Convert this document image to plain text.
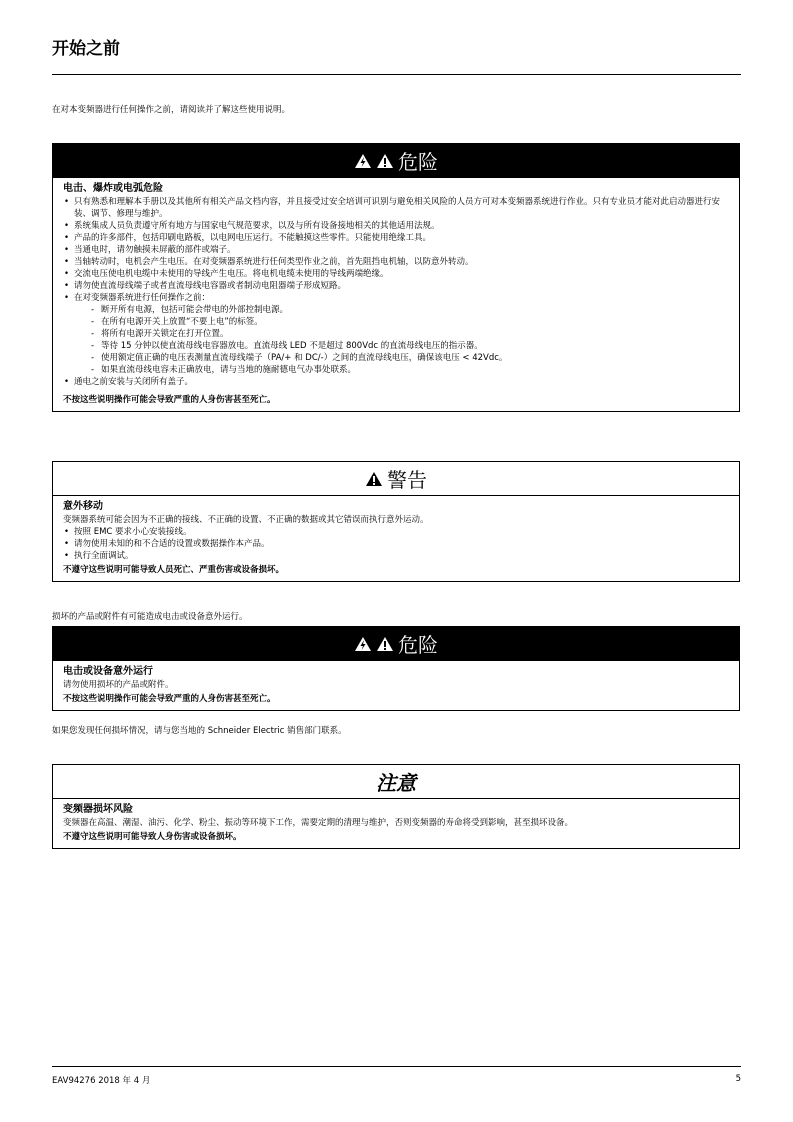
开始之前

在对本变频器进行任何操作之前，请阅读并了解这些使用说明。

危险

电击、爆炸或电弧危险

• 只有熟悉和理解本手册以及其他所有相关产品文档内容，并且接受过安全培训可识别与避免相关风险的人员方可对本变频器系统进行作业。只有专业员才能对此启动器进行安装、调节、修理与维护。
• 系统集成人员负责遵守所有地方与国家电气规范要求，以及与所有设备接地相关的其他适用法规。
• 产品的许多部件，包括印刷电路板，以电网电压运行。不能触摸这些零件。只能使用绝缘工具。
• 当通电时，请勿触摸未屏蔽的部件或端子。
• 当轴转动时，电机会产生电压。在对变频器系统进行任何类型作业之前，首先阻挡电机轴，以防意外转动。
• 交流电压使电机电缆中未使用的导线产生电压。将电机电缆未使用的导线两端绝缘。
• 请勿使直流母线端子或者直流母线电容器或者制动电阻器端子形成短路。
• 在对变频器系统进行任何操作之前：
- 断开所有电源，包括可能会带电的外部控制电源。
- 在所有电源开关上放置“不要上电”的标签。
- 将所有电源开关锁定在打开位置。
- 等待 15 分钟以使直流母线电容器放电。直流母线 LED 不是超过 800Vdc 的直流母线电压的指示器。
- 使用额定值正确的电压表测量直流母线端子（PA/+ 和 DC/-）之间的直流母线电压，确保该电压 < 42Vdc。
- 如果直流母线电容未正确放电，请与当地的施耐德电气办事处联系。
• 通电之前安装与关闭所有盖子。

不按这些说明操作可能会导致严重的人身伤害甚至死亡。

警告

意外移动

变频器系统可能会因为不正确的接线、不正确的设置、不正确的数据或其它错误而执行意外运动。

• 按照 EMC 要求小心安装接线。
• 请勿使用未知的和不合适的设置或数据操作本产品。
• 执行全面调试。

不遵守这些说明可能导致人员死亡、严重伤害或设备损坏。

损坏的产品或附件有可能造成电击或设备意外运行。

危险

电击或设备意外运行

请勿使用损坏的产品或附件。

不按这些说明操作可能会导致严重的人身伤害甚至死亡。

如果您发现任何损坏情况，请与您当地的 Schneider Electric 销售部门联系。

注意

变频器损坏风险

变频器在高温、潮湿、油污、化学、粉尘、振动等环境下工作，需要定期的清理与维护，否则变频器的寿命将受到影响，甚至损坏设备。

不遵守这些说明可能导致人身伤害或设备损坏。

EAV94276 2018 年 4 月	5
